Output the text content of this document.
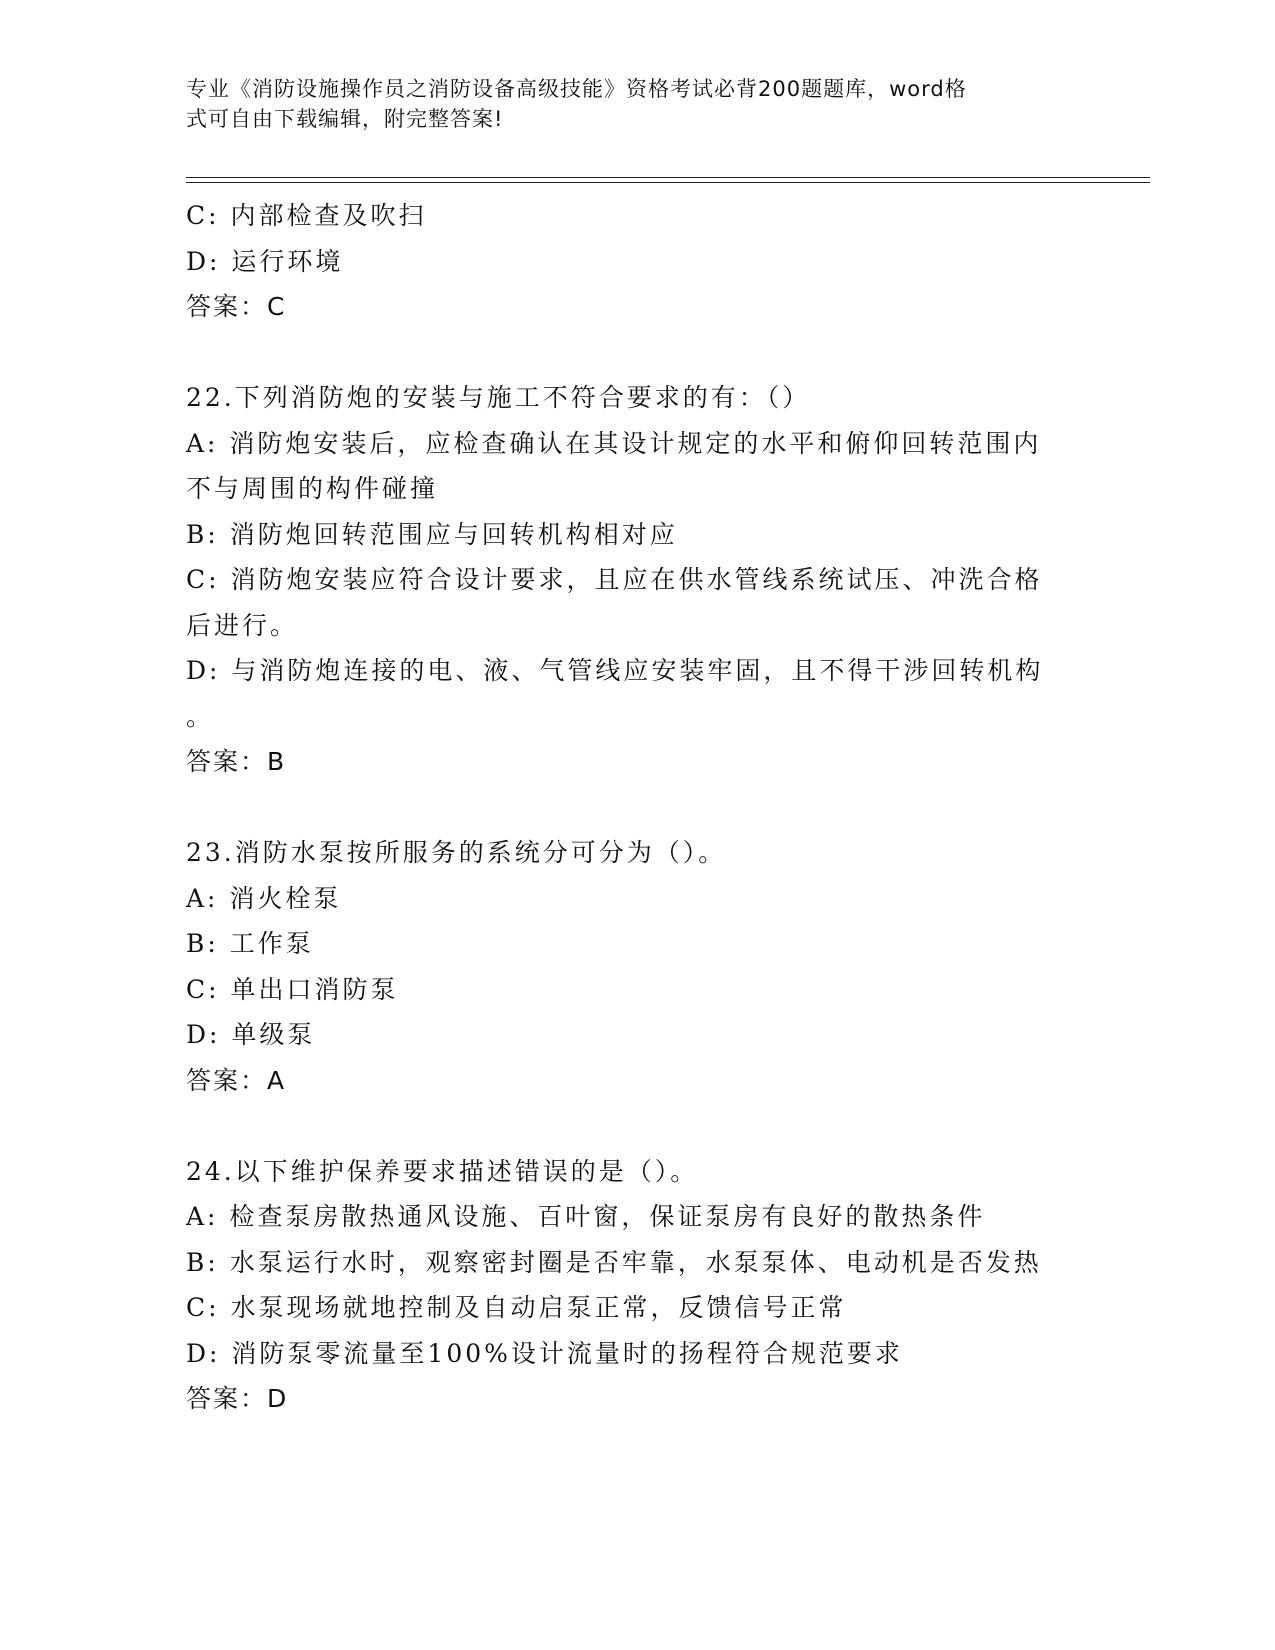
专业《消防设施操作员之消防设备高级技能》资格考试必背200题题库，word格
式可自由下载编辑，附完整答案!
C: 内部检查及吹扫
D: 运行环境
答案：C
22.下列消防炮的安装与施工不符合要求的有：（）
A: 消防炮安装后，应检查确认在其设计规定的水平和俯仰回转范围内
不与周围的构件碰撞
B: 消防炮回转范围应与回转机构相对应
C: 消防炮安装应符合设计要求，且应在供水管线系统试压、冲洗合格
后进行。
D: 与消防炮连接的电、液、气管线应安装牢固，且不得干涉回转机构
。
答案：B
23.消防水泵按所服务的系统分可分为（）。
A: 消火栓泵
B: 工作泵
C: 单出口消防泵
D: 单级泵
答案：A
24.以下维护保养要求描述错误的是（）。
A: 检查泵房散热通风设施、百叶窗，保证泵房有良好的散热条件
B: 水泵运行水时，观察密封圈是否牢靠，水泵泵体、电动机是否发热
C: 水泵现场就地控制及自动启泵正常，反馈信号正常
D: 消防泵零流量至100%设计流量时的扬程符合规范要求
答案：D
